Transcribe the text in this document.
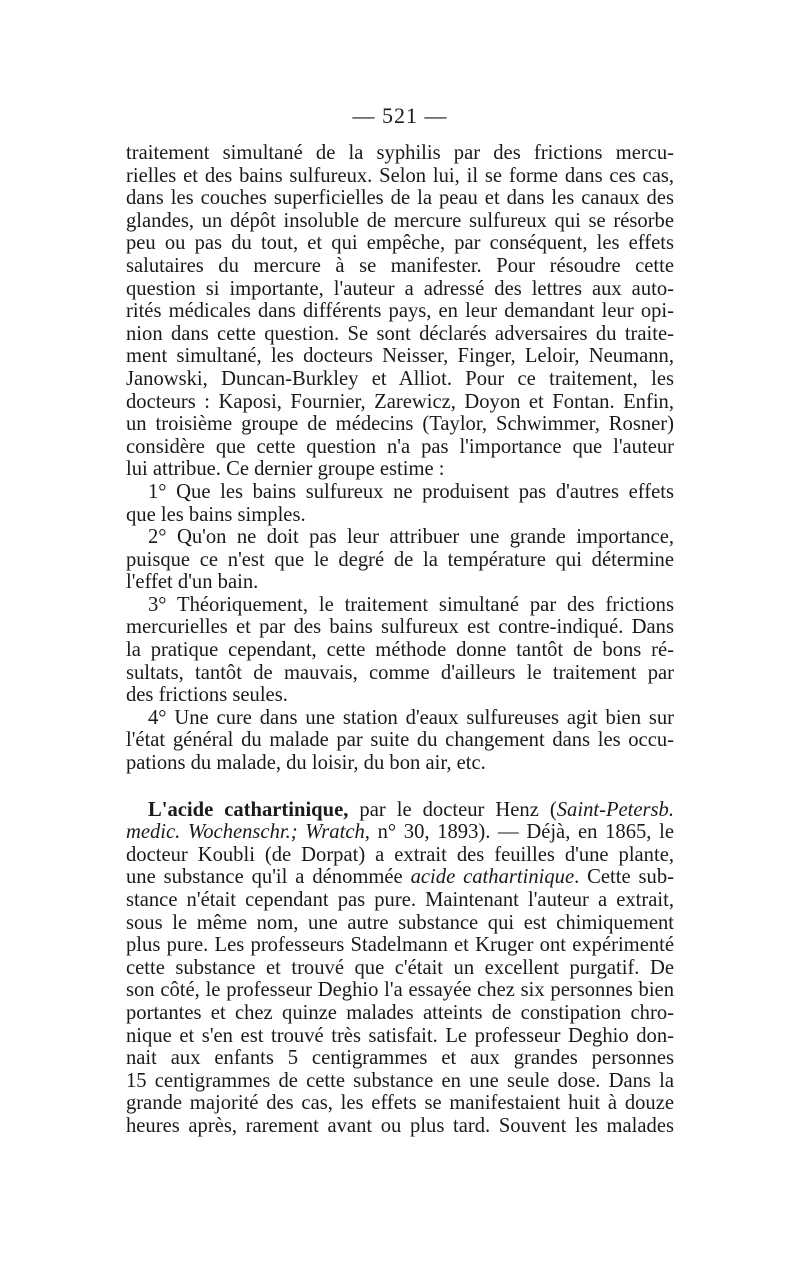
— 521 —
traitement simultané de la syphilis par des frictions mercu-
rielles et des bains sulfureux. Selon lui, il se forme dans ces cas,
dans les couches superficielles de la peau et dans les canaux des
glandes, un dépôt insoluble de mercure sulfureux qui se résorbe
peu ou pas du tout, et qui empêche, par conséquent, les effets
salutaires du mercure à se manifester. Pour résoudre cette
question si importante, l'auteur a adressé des lettres aux auto-
rités médicales dans différents pays, en leur demandant leur opi-
nion dans cette question. Se sont déclarés adversaires du traite-
ment simultané, les docteurs Neisser, Finger, Leloir, Neumann,
Janowski, Duncan-Burkley et Alliot. Pour ce traitement, les
docteurs : Kaposi, Fournier, Zarewicz, Doyon et Fontan. Enfin,
un troisième groupe de médecins (Taylor, Schwimmer, Rosner)
considère que cette question n'a pas l'importance que l'auteur
lui attribue. Ce dernier groupe estime :
1° Que les bains sulfureux ne produisent pas d'autres effets
que les bains simples.
2° Qu'on ne doit pas leur attribuer une grande importance,
puisque ce n'est que le degré de la température qui détermine
l'effet d'un bain.
3° Théoriquement, le traitement simultané par des frictions
mercurielles et par des bains sulfureux est contre-indiqué. Dans
la pratique cependant, cette méthode donne tantôt de bons ré-
sultats, tantôt de mauvais, comme d'ailleurs le traitement par
des frictions seules.
4° Une cure dans une station d'eaux sulfureuses agit bien sur
l'état général du malade par suite du changement dans les occu-
pations du malade, du loisir, du bon air, etc.
L'acide cathartinique, par le docteur Henz (Saint-Petersb.
medic. Wochenschr.; Wratch, n° 30, 1893). — Déjà, en 1865, le
docteur Koubli (de Dorpat) a extrait des feuilles d'une plante,
une substance qu'il a dénommée acide cathartinique. Cette sub-
stance n'était cependant pas pure. Maintenant l'auteur a extrait,
sous le même nom, une autre substance qui est chimiquement
plus pure. Les professeurs Stadelmann et Kruger ont expérimenté
cette substance et trouvé que c'était un excellent purgatif. De
son côté, le professeur Deghio l'a essayée chez six personnes bien
portantes et chez quinze malades atteints de constipation chro-
nique et s'en est trouvé très satisfait. Le professeur Deghio don-
nait aux enfants 5 centigrammes et aux grandes personnes
15 centigrammes de cette substance en une seule dose. Dans la
grande majorité des cas, les effets se manifestaient huit à douze
heures après, rarement avant ou plus tard. Souvent les malades
